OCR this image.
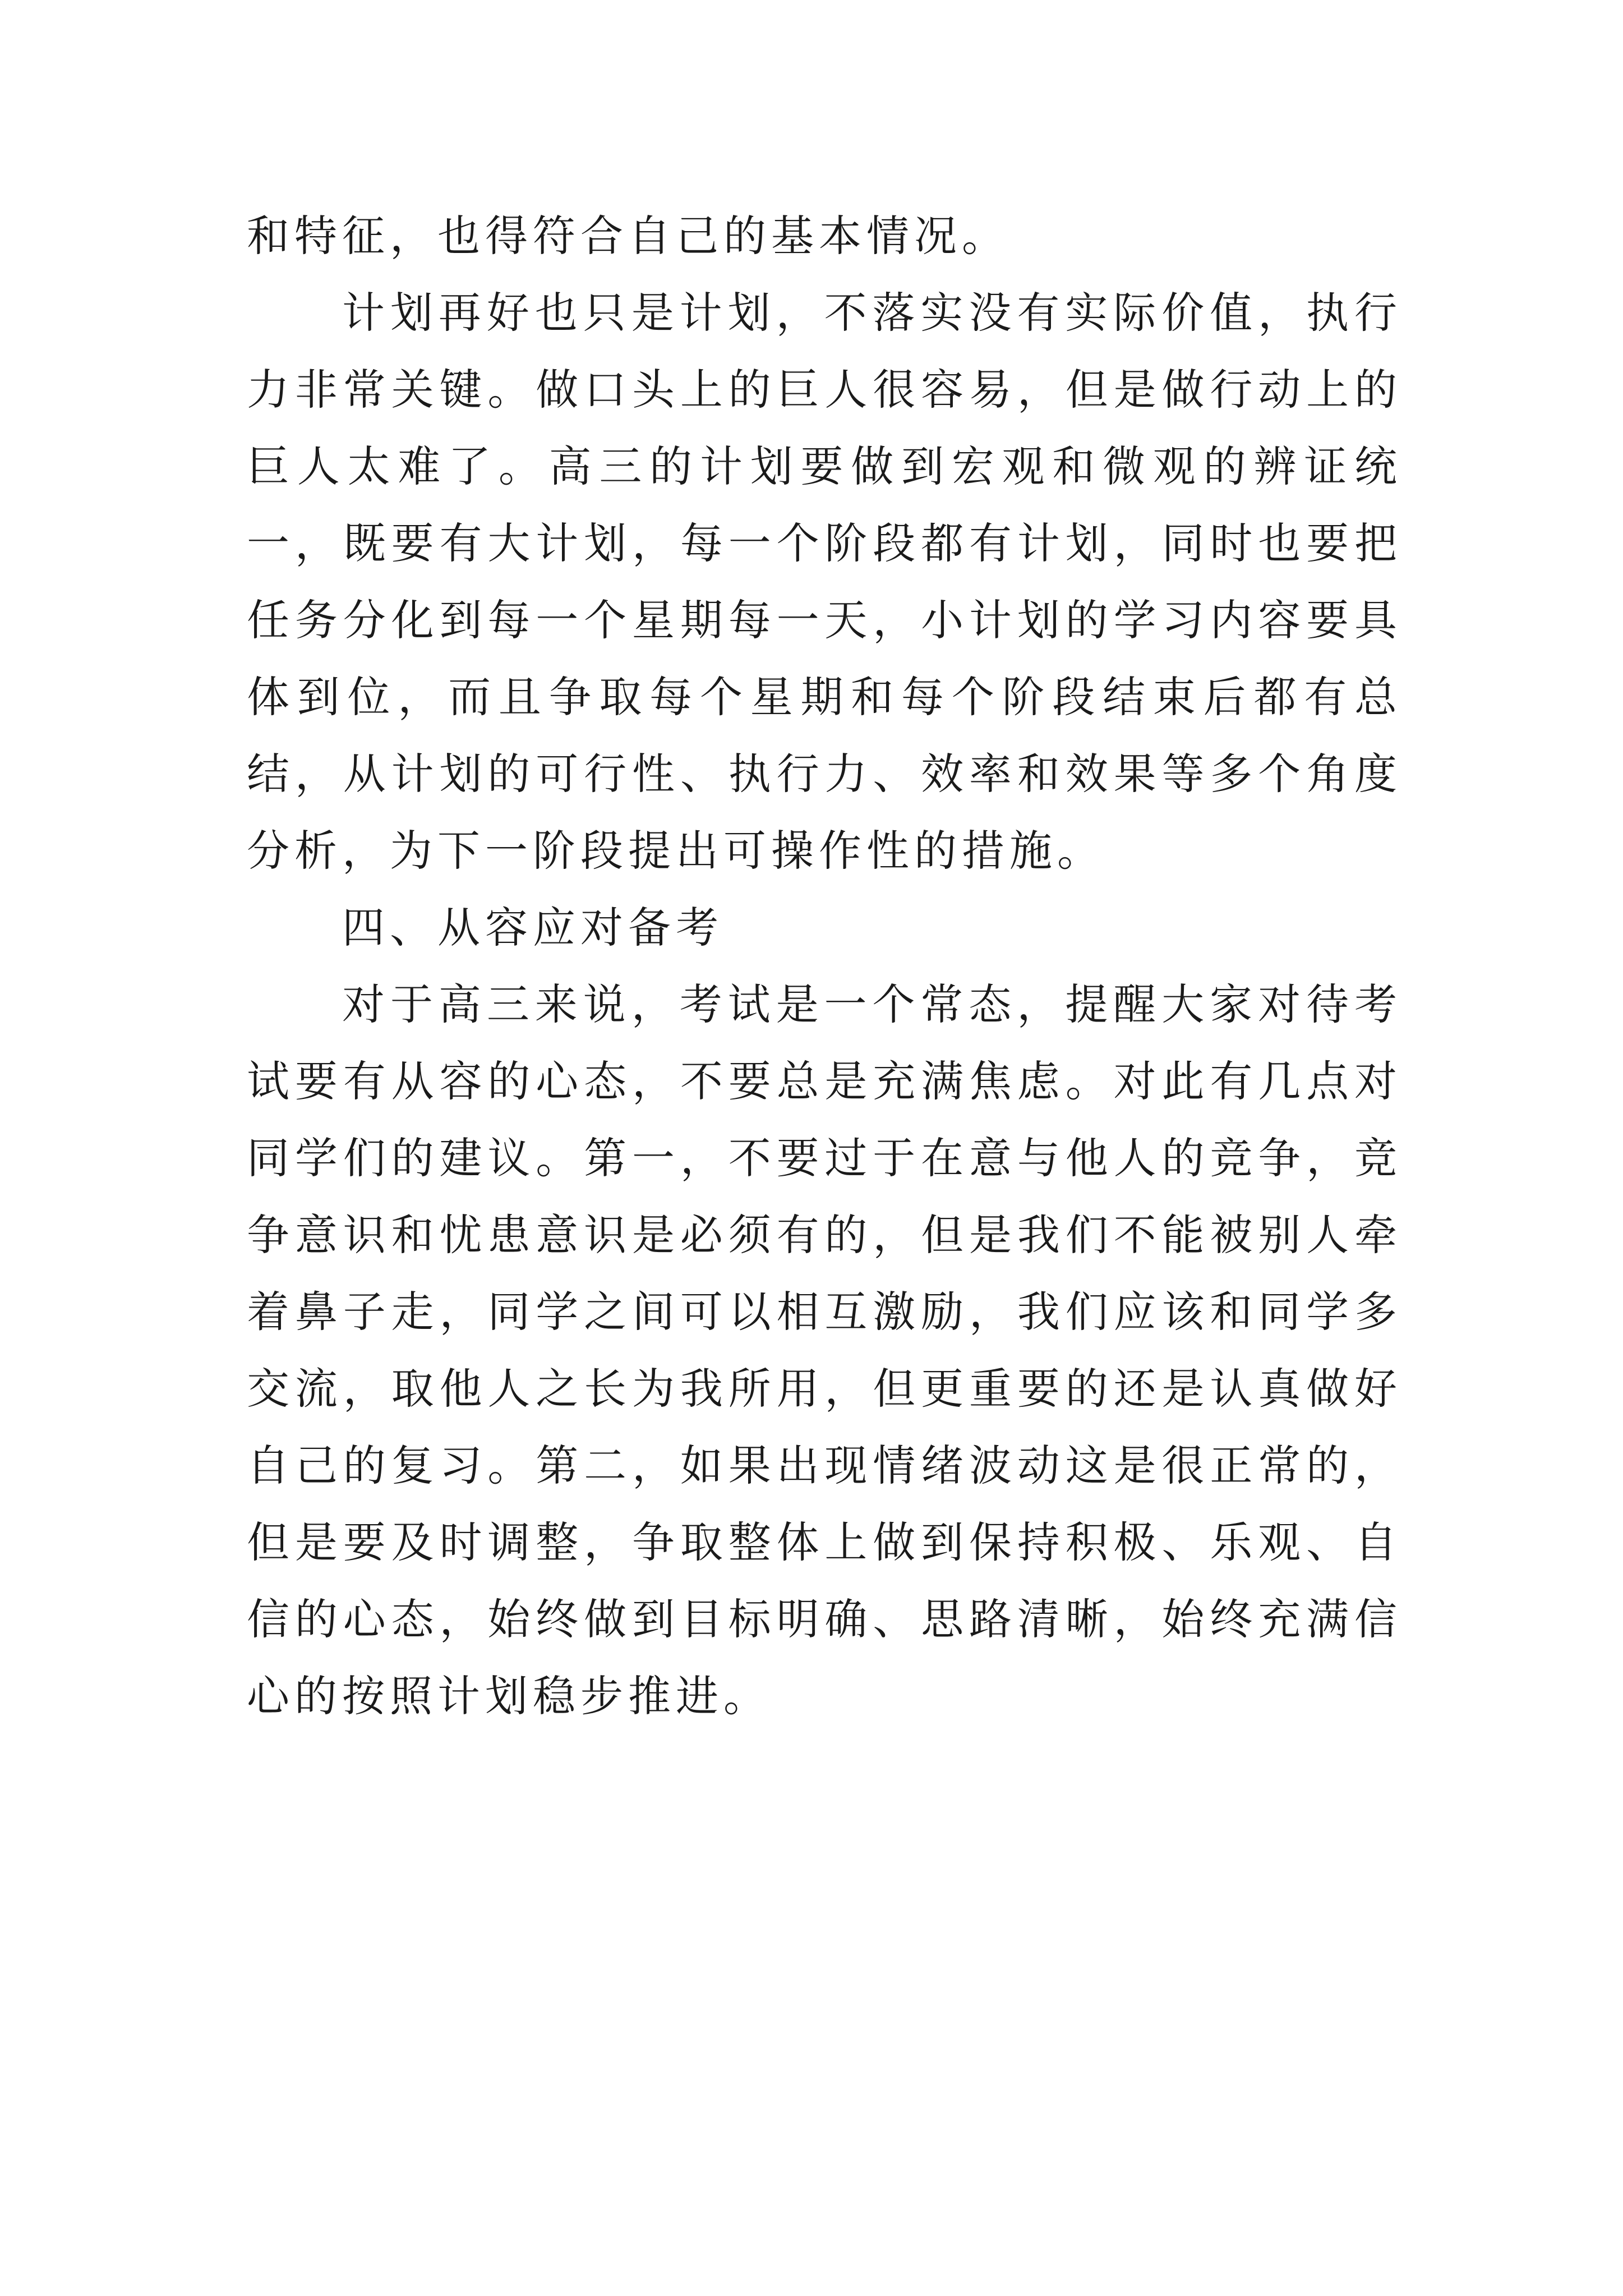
和特征，也得符合自己的基本情况。

计划再好也只是计划，不落实没有实际价值，执行力非常关键。做口头上的巨人很容易，但是做行动上的巨人太难了。高三的计划要做到宏观和微观的辨证统一，既要有大计划，每一个阶段都有计划，同时也要把任务分化到每一个星期每一天，小计划的学习内容要具体到位，而且争取每个星期和每个阶段结束后都有总结，从计划的可行性、执行力、效率和效果等多个角度分析，为下一阶段提出可操作性的措施。

四、从容应对备考

对于高三来说，考试是一个常态，提醒大家对待考试要有从容的心态，不要总是充满焦虑。对此有几点对同学们的建议。第一，不要过于在意与他人的竞争，竞争意识和忧患意识是必须有的，但是我们不能被别人牵着鼻子走，同学之间可以相互激励，我们应该和同学多交流，取他人之长为我所用，但更重要的还是认真做好自己的复习。第二，如果出现情绪波动这是很正常的，但是要及时调整，争取整体上做到保持积极、乐观、自信的心态，始终做到目标明确、思路清晰，始终充满信心的按照计划稳步推进。
